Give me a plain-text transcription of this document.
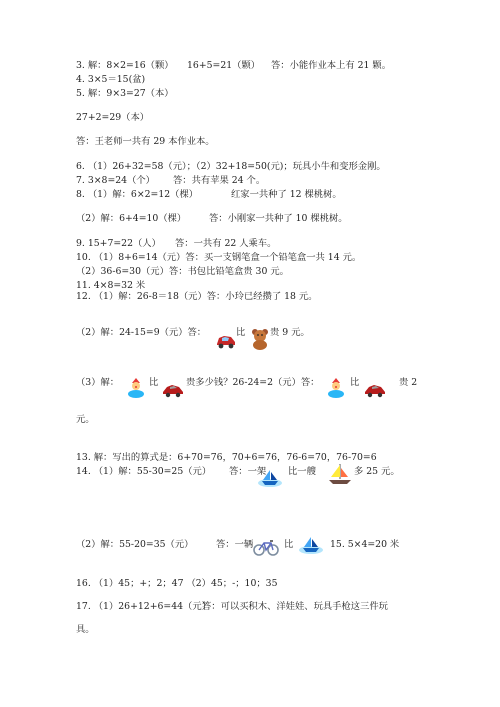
3. 解：8×2=16（颗） 16+5=21（颗） 答：小能作业本上有 21 颗。
4. 3×5＝15(盆)
5. 解：9×3=27（本）
27+2=29（本）
答：王老师一共有 29 本作业本。
6. （1）26+32=58（元）；（2）32+18=50(元)；玩具小牛和变形金刚。
7. 3×8=24（个） 答：共有苹果 24 个。
8. （1）解：6×2=12（棵）	红家一共种了 12 棵桃树。
（2）解：6+4=10（棵） 答：小刚家一共种了 10 棵桃树。
9. 15+7=22（人） 答：一共有 22 人乘车。
10. （1）8+6=14（元）答：买一支钢笔盒一个铅笔盒一共 14 元。
（2）36-6=30（元）答：书包比铅笔盒贵 30 元。
11. 4×8=32 米
12. （1）解：26-8＝18（元）答：小玲已经攒了 18 元。
（2）解：24-15=9（元）答：	比	贵 9 元。
（3）解：	比	贵多少钱？26-24=2（元）答：	比	贵 2
元。
13. 解：写出的算式是：6+70=76，70+6=76，76-6=70，76-70=6
14. （1）解：55-30=25（元） 答：一架 比一艘	多 25 元。
（2）解：55-20=35（元） 答：一辆	比	15. 5×4=20 米
16. （1）45；+；2；47 （2）45；-；10；35
17. （1）26+12+6=44（元）
答：可以买积木、洋娃娃、玩具手枪这三件玩
具。
